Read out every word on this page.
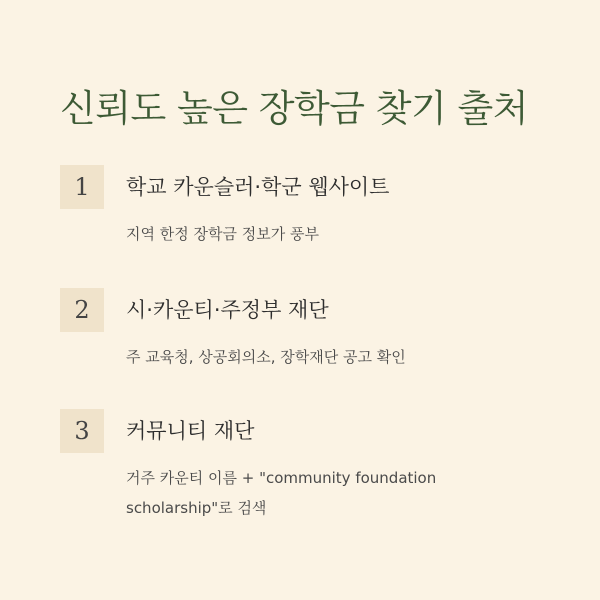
신뢰도 높은 장학금 찾기 출처
1	학교 카운슬러·학군 웹사이트
지역 한정 장학금 정보가 풍부
2	시·카운티·주정부 재단
주 교육청, 상공회의소, 장학재단 공고 확인
3	커뮤니티 재단
거주 카운티 이름 + "community foundation scholarship"로 검색
